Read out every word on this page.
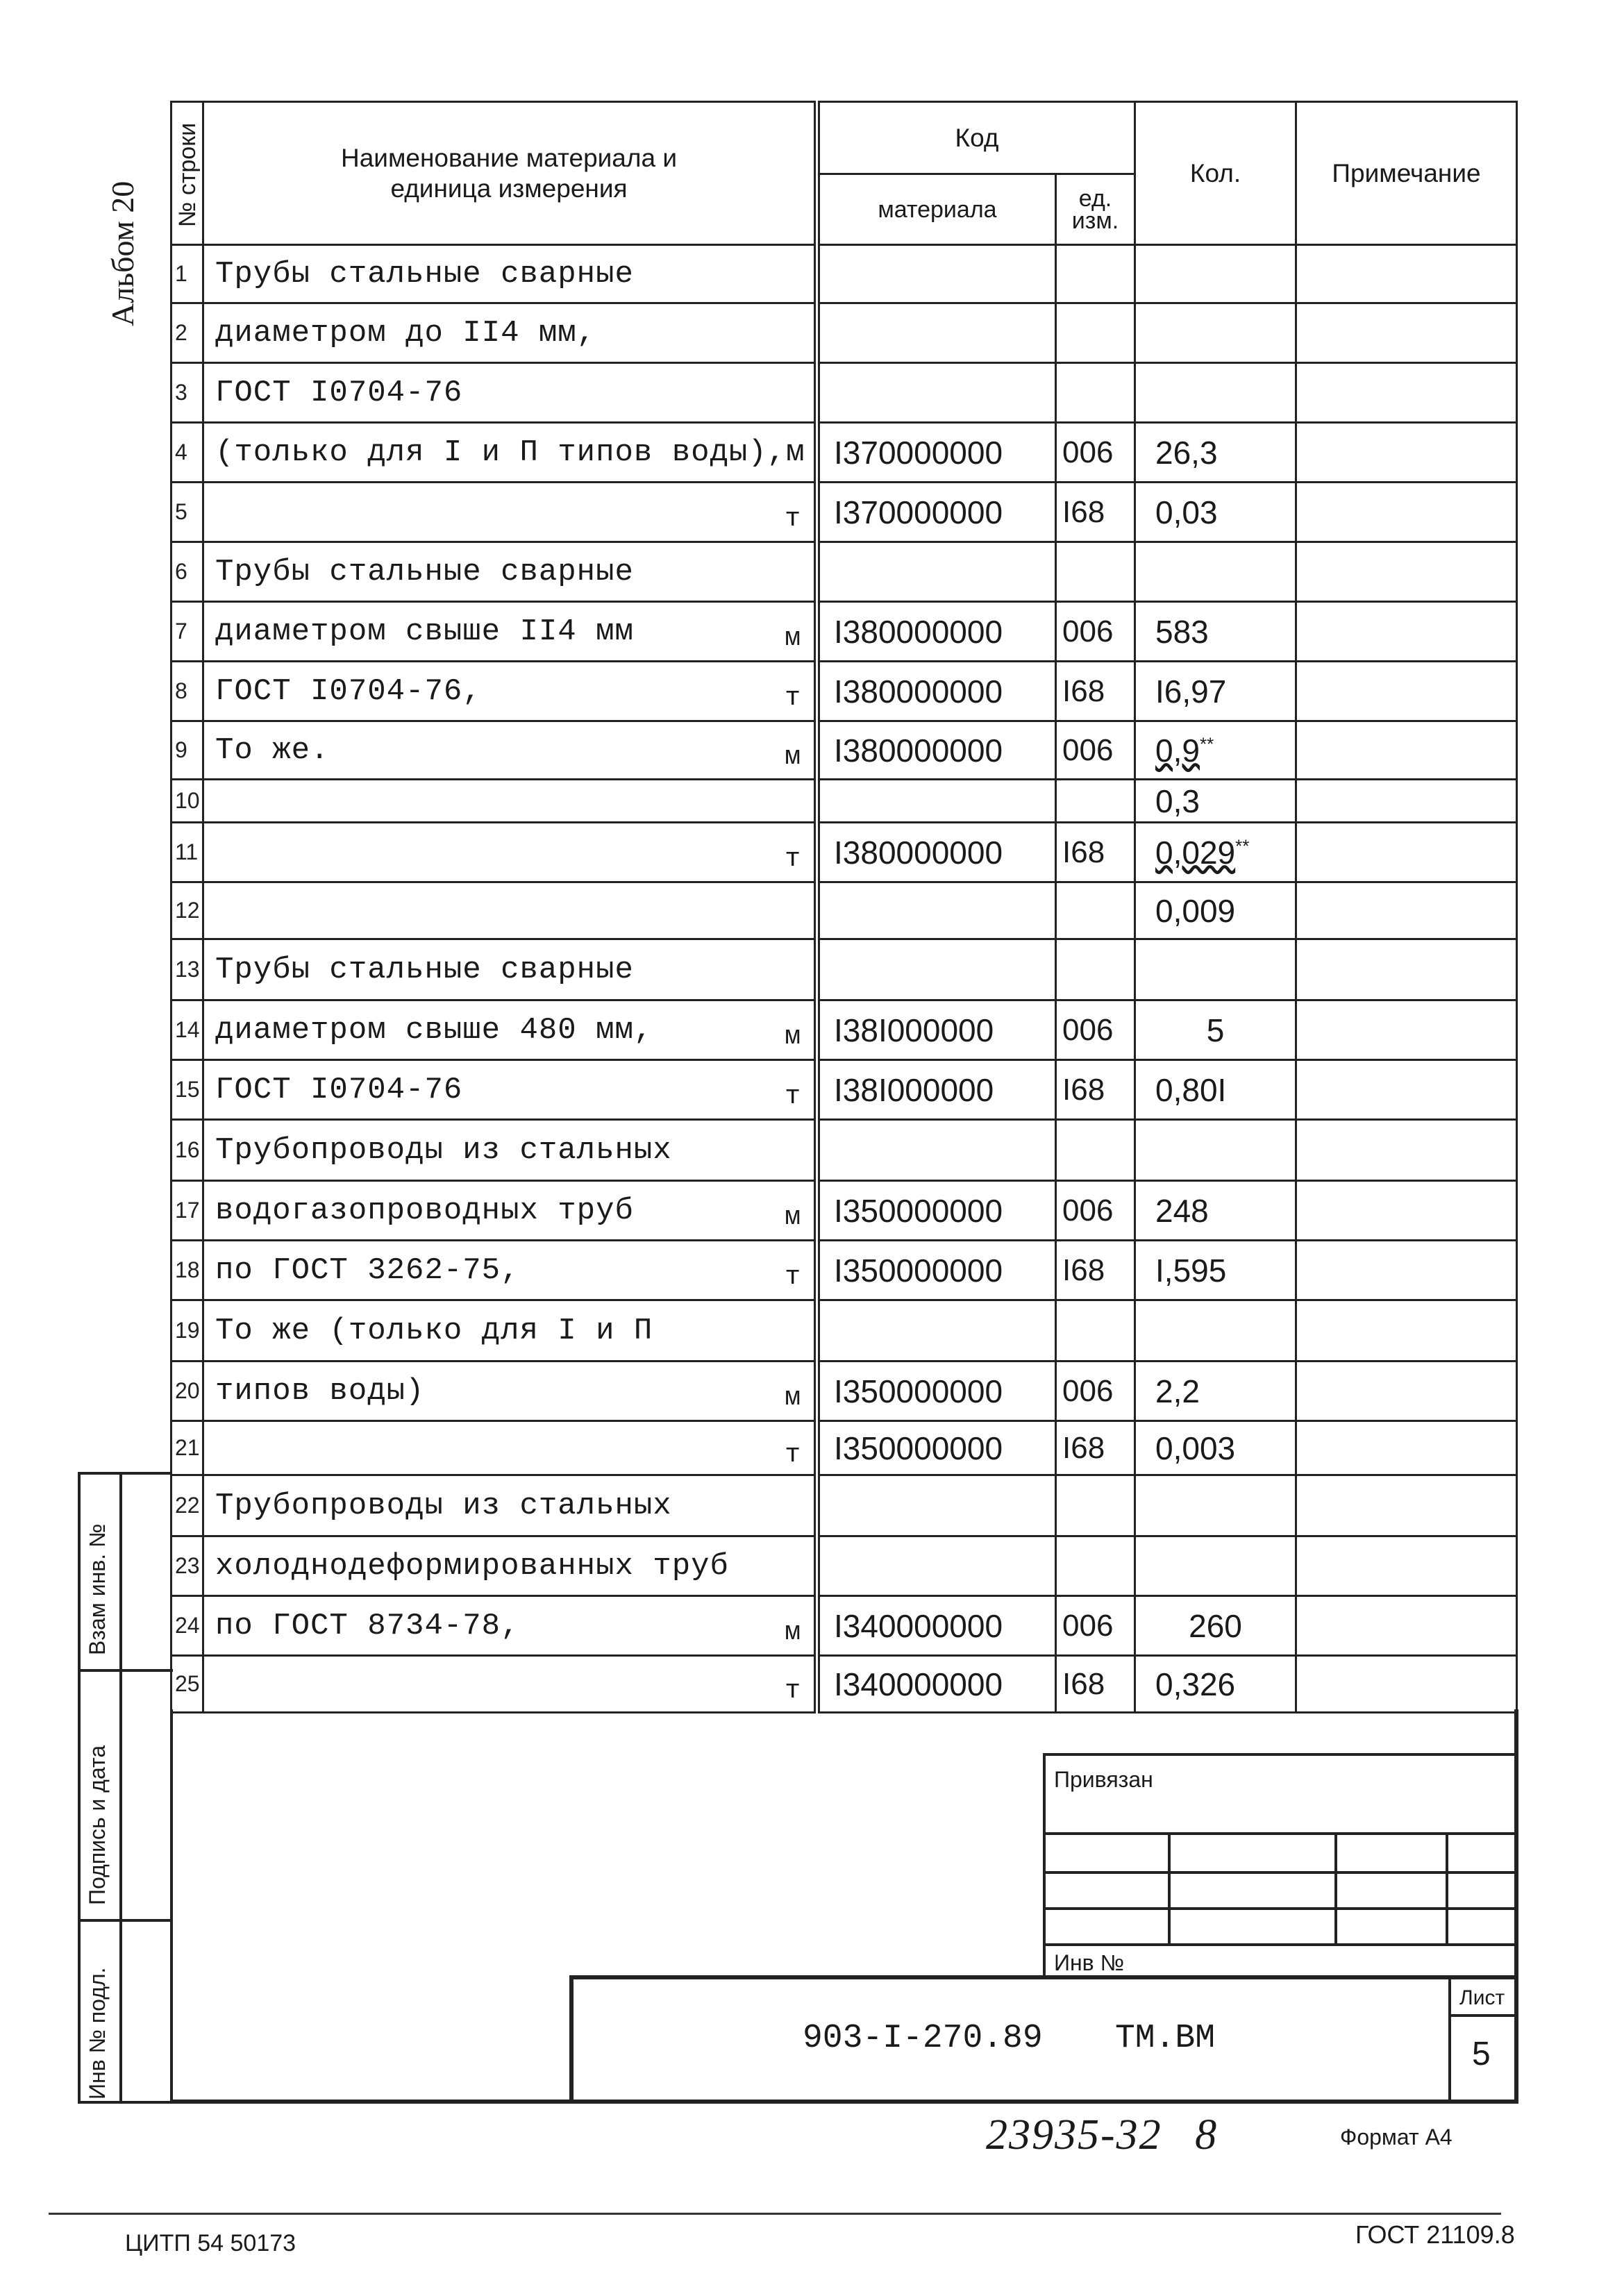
Альбом 20
№ строки	Наименование материала и единица измерения	Код		Кол.	Примечание
		материала	ед. изм.		
1	Трубы стальные сварные

2	диаметром до II4 мм,

3	ГОСТ I0704-76

4	(только для I и П типов воды),м	I370000000	006	26,3	
5	т	I370000000	I68	0,03	
6	Трубы стальные сварные

7	диаметром свыше II4 мм м	I380000000	006	583	
8	ГОСТ I0704-76, т	I380000000	I68	I6,97	
9	То же. м	I380000000	006	0,9**	
10				0,3	
11	т	I380000000	I68	0,029**	
12				0,009	
13	Трубы стальные сварные

14	диаметром свыше 480 мм, м	I38I000000	006	5	
15	ГОСТ I0704-76 т	I38I000000	I68	0,80I	
16	Трубопроводы из стальных

17	водогазопроводных труб м	I350000000	006	248	
18	по ГОСТ 3262-75, т	I350000000	I68	I,595	
19	То же (только для I и П

20	типов воды) м	I350000000	006	2,2	
21	т	I350000000	I68	0,003	
22	Трубопроводы из стальных

23	холоднодеформированных труб

24	по ГОСТ 8734-78, м	I340000000	006	260	
25	т	I340000000	I68	0,326	
Взам инв. №
Подпись и дата
Инв № подл.
Привязан
Инв №
903-I-270.89 ТМ.ВМ
Лист
5
23935-32 8	Формат А4
ЦИТП 54 50173	ГОСТ 21109.8
